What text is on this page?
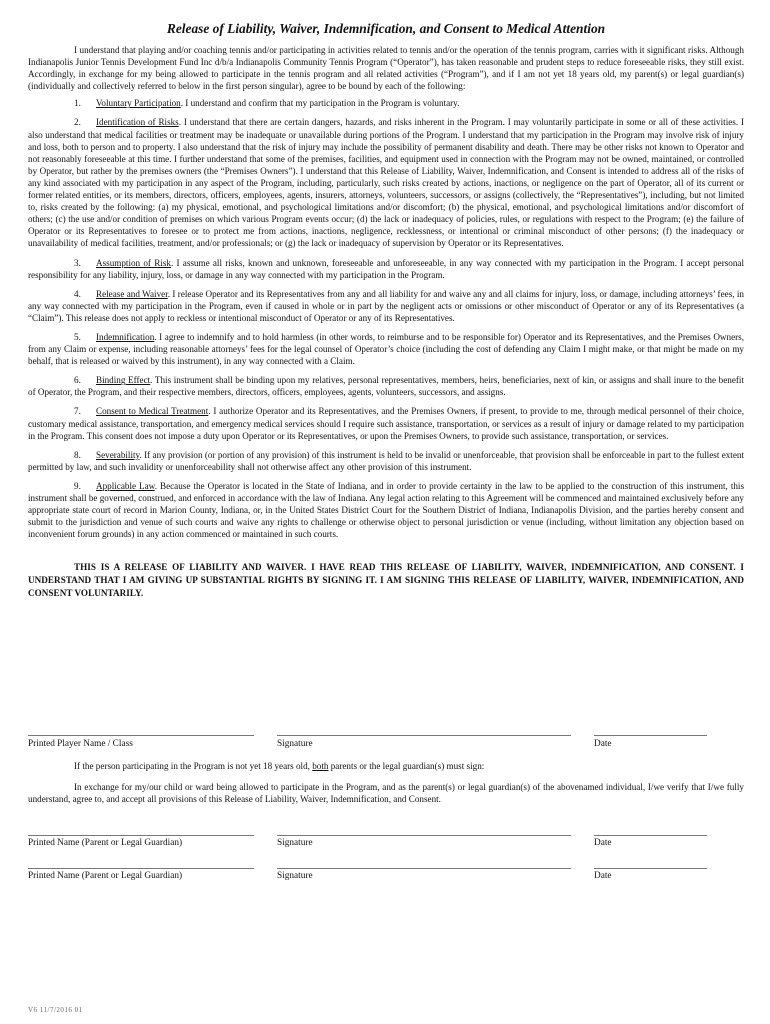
Release of Liability, Waiver, Indemnification, and Consent to Medical Attention

I understand that playing and/or coaching tennis and/or participating in activities related to tennis and/or the operation of the tennis program, carries with it significant risks. Although Indianapolis Junior Tennis Development Fund Inc d/b/a Indianapolis Community Tennis Program (“Operator”), has taken reasonable and prudent steps to reduce foreseeable risks, they still exist. Accordingly, in exchange for my being allowed to participate in the tennis program and all related activities (“Program”), and if I am not yet 18 years old, my parent(s) or legal guardian(s) (individually and collectively referred to below in the first person singular), agree to be bound by each of the following:

1. Voluntary Participation. I understand and confirm that my participation in the Program is voluntary.

2. Identification of Risks. I understand that there are certain dangers, hazards, and risks inherent in the Program. I may voluntarily participate in some or all of these activities. I also understand that medical facilities or treatment may be inadequate or unavailable during portions of the Program. I understand that my participation in the Program may involve risk of injury and loss, both to person and to property. I also understand that the risk of injury may include the possibility of permanent disability and death. There may be other risks not known to Operator and not reasonably foreseeable at this time. I further understand that some of the premises, facilities, and equipment used in connection with the Program may not be owned, maintained, or controlled by Operator, but rather by the premises owners (the “Premises Owners”). I understand that this Release of Liability, Waiver, Indemnification, and Consent is intended to address all of the risks of any kind associated with my participation in any aspect of the Program, including, particularly, such risks created by actions, inactions, or negligence on the part of Operator, all of its current or former related entities, or its members, directors, officers, employees, agents, insurers, attorneys, volunteers, successors, or assigns (collectively, the “Representatives”), including, but not limited to, risks created by the following: (a) my physical, emotional, and psychological limitations and/or discomfort; (b) the physical, emotional, and psychological limitations and/or discomfort of others; (c) the use and/or condition of premises on which various Program events occur; (d) the lack or inadequacy of policies, rules, or regulations with respect to the Program; (e) the failure of Operator or its Representatives to foresee or to protect me from actions, inactions, negligence, recklessness, or intentional or criminal misconduct of other persons; (f) the inadequacy or unavailability of medical facilities, treatment, and/or professionals; or (g) the lack or inadequacy of supervision by Operator or its Representatives.

3. Assumption of Risk. I assume all risks, known and unknown, foreseeable and unforeseeable, in any way connected with my participation in the Program. I accept personal responsibility for any liability, injury, loss, or damage in any way connected with my participation in the Program.

4. Release and Waiver. I release Operator and its Representatives from any and all liability for and waive any and all claims for injury, loss, or damage, including attorneys’ fees, in any way connected with my participation in the Program, even if caused in whole or in part by the negligent acts or omissions or other misconduct of Operator or any of its Representatives (a “Claim”). This release does not apply to reckless or intentional misconduct of Operator or any of its Representatives.

5. Indemnification. I agree to indemnify and to hold harmless (in other words, to reimburse and to be responsible for) Operator and its Representatives, and the Premises Owners, from any Claim or expense, including reasonable attorneys’ fees for the legal counsel of Operator’s choice (including the cost of defending any Claim I might make, or that might be made on my behalf, that is released or waived by this instrument), in any way connected with a Claim.

6. Binding Effect. This instrument shall be binding upon my relatives, personal representatives, members, heirs, beneficiaries, next of kin, or assigns and shall inure to the benefit of Operator, the Program, and their respective members, directors, officers, employees, agents, volunteers, successors, and assigns.

7. Consent to Medical Treatment. I authorize Operator and its Representatives, and the Premises Owners, if present, to provide to me, through medical personnel of their choice, customary medical assistance, transportation, and emergency medical services should I require such assistance, transportation, or services as a result of injury or damage related to my participation in the Program. This consent does not impose a duty upon Operator or its Representatives, or upon the Premises Owners, to provide such assistance, transportation, or services.

8. Severability. If any provision (or portion of any provision) of this instrument is held to be invalid or unenforceable, that provision shall be enforceable in part to the fullest extent permitted by law, and such invalidity or unenforceability shall not otherwise affect any other provision of this instrument.

9. Applicable Law. Because the Operator is located in the State of Indiana, and in order to provide certainty in the law to be applied to the construction of this instrument, this instrument shall be governed, construed, and enforced in accordance with the law of Indiana. Any legal action relating to this Agreement will be commenced and maintained exclusively before any appropriate state court of record in Marion County, Indiana, or, in the United States District Court for the Southern District of Indiana, Indianapolis Division, and the parties hereby consent and submit to the jurisdiction and venue of such courts and waive any rights to challenge or otherwise object to personal jurisdiction or venue (including, without limitation any objection based on inconvenient forum grounds) in any action commenced or maintained in such courts.

THIS IS A RELEASE OF LIABILITY AND WAIVER. I HAVE READ THIS RELEASE OF LIABILITY, WAIVER, INDEMNIFICATION, AND CONSENT. I UNDERSTAND THAT I AM GIVING UP SUBSTANTIAL RIGHTS BY SIGNING IT. I AM SIGNING THIS RELEASE OF LIABILITY, WAIVER, INDEMNIFICATION, AND CONSENT VOLUNTARILY.

Printed Player Name / Class	Signature	Date

If the person participating in the Program is not yet 18 years old, both parents or the legal guardian(s) must sign:

In exchange for my/our child or ward being allowed to participate in the Program, and as the parent(s) or legal guardian(s) of the abovenamed individual, I/we verify that I/we fully understand, agree to, and accept all provisions of this Release of Liability, Waiver, Indemnification, and Consent.

Printed Name (Parent or Legal Guardian)	Signature	Date
Printed Name (Parent or Legal Guardian)	Signature	Date
V6 11/7/2016 01
